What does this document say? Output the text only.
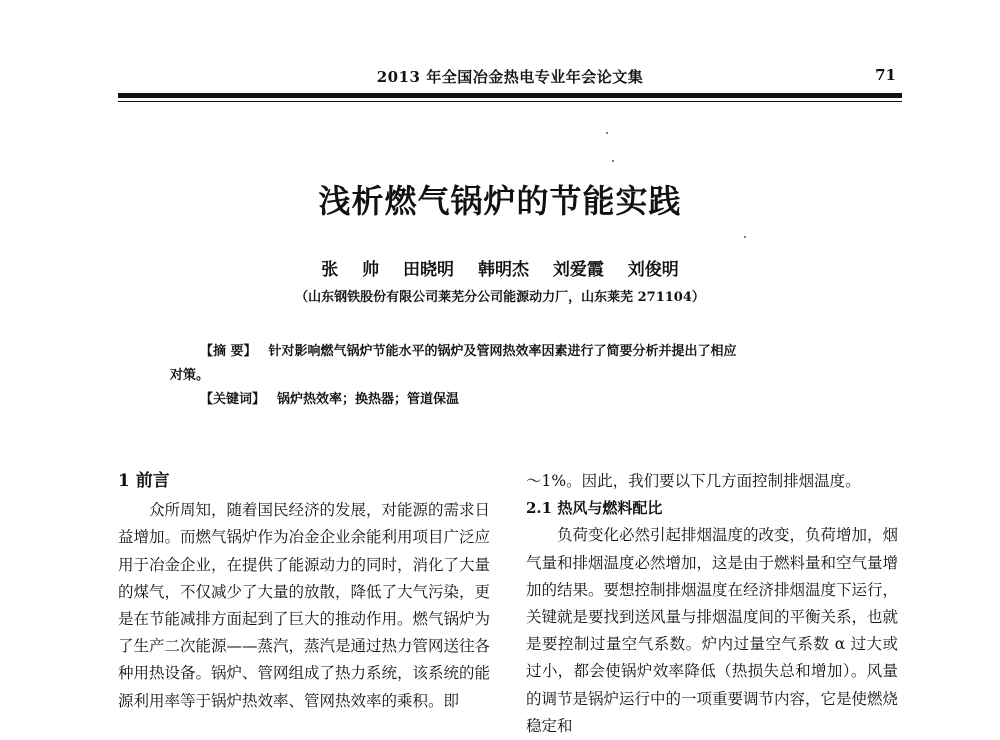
2013 年全国冶金热电专业年会论文集	71
浅析燃气锅炉的节能实践
张 帅 田晓明 韩明杰 刘爱霞 刘俊明
（山东钢铁股份有限公司莱芜分公司能源动力厂，山东莱芜 271104）
【摘 要】 针对影响燃气锅炉节能水平的锅炉及管网热效率因素进行了简要分析并提出了相应
对策。
【关键词】 锅炉热效率；换热器；管道保温
1 前言
众所周知，随着国民经济的发展，对能源的需求日益增加。而燃气锅炉作为冶金企业余能利用项目广泛应用于冶金企业，在提供了能源动力的同时，消化了大量的煤气，不仅减少了大量的放散，降低了大气污染，更是在节能减排方面起到了巨大的推动作用。燃气锅炉为了生产二次能源——蒸汽，蒸汽是通过热力管网送往各种用热设备。锅炉、管网组成了热力系统，该系统的能源利用率等于锅炉热效率、管网热效率的乘积。即
～1%。因此，我们要以下几方面控制排烟温度。
2.1 热风与燃料配比
负荷变化必然引起排烟温度的改变，负荷增加，烟气量和排烟温度必然增加，这是由于燃料量和空气量增加的结果。要想控制排烟温度在经济排烟温度下运行，关键就是要找到送风量与排烟温度间的平衡关系，也就是要控制过量空气系数。炉内过量空气系数 α 过大或过小，都会使锅炉效率降低（热损失总和增加）。风量的调节是锅炉运行中的一项重要调节内容，它是使燃烧稳定和
